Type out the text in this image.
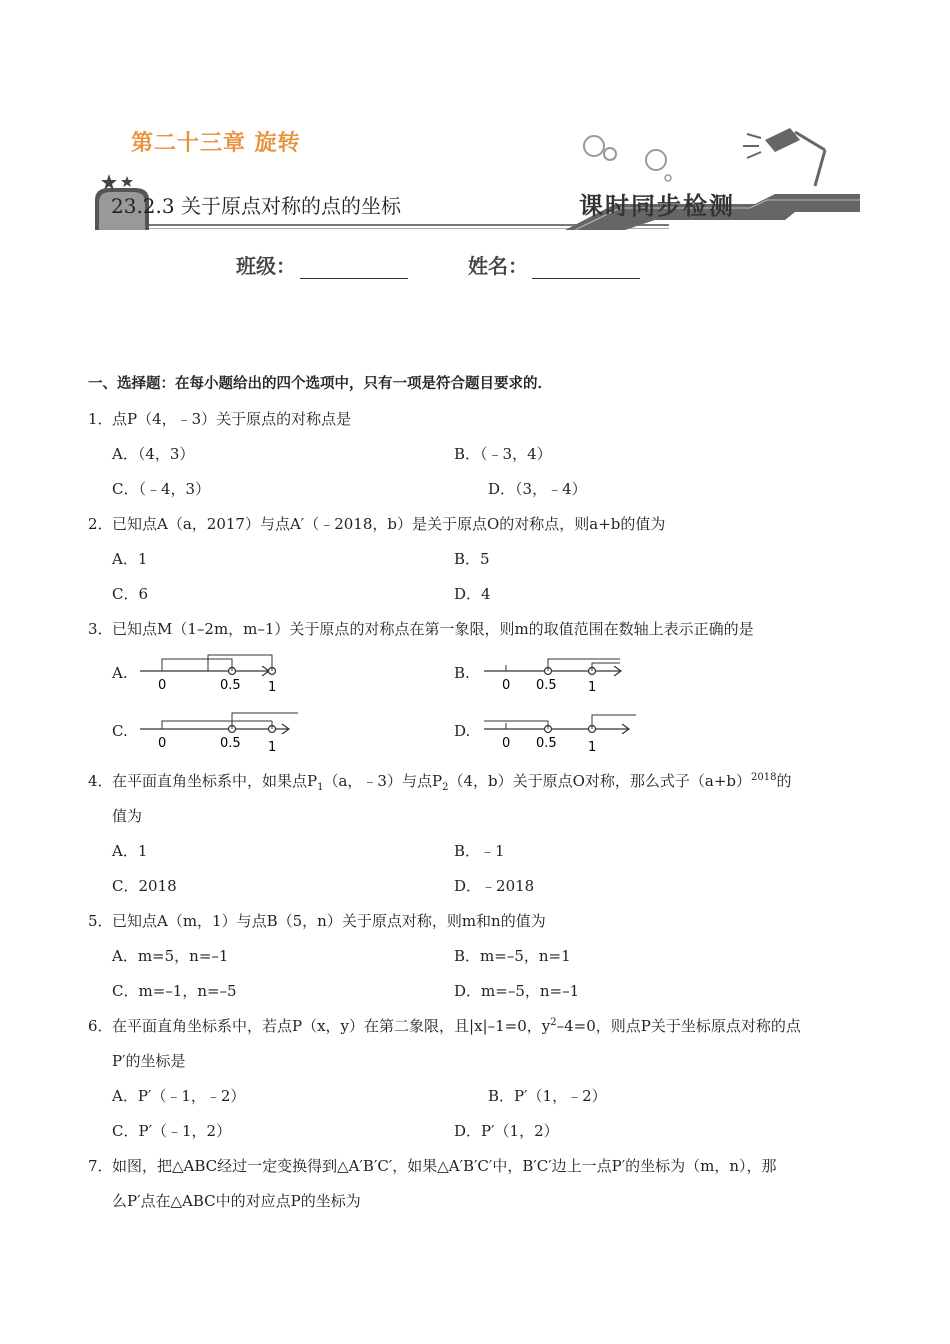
第二十三章 旋转
23.2.3 关于原点对称的点的坐标	课时同步检测
班级：	姓名：
一、选择题：在每小题给出的四个选项中，只有一项是符合题目要求的．
1．点P（4，﹣3）关于原点的对称点是
A．（4，3）	B．（﹣3，4）
C．（﹣4，3）	D．（3，﹣4）
2．已知点A（a，2017）与点A′（﹣2018，b）是关于原点O的对称点，则a+b的值为
A．1	B．5
C．6	D．4
3．已知点M（1–2m，m–1）关于原点的对称点在第一象限，则m的取值范围在数轴上表示正确的是
A.
0	0.5 1
B.
0 0.5 1
C.
0	0.5 1
D.
0 0.5 1
4．在平面直角坐标系中，如果点$P_1(a$，﹣3）与点$P_2(4$，b）关于原点O对称，那么式子$(a+b)^{2018}$的
值为
A．1	B．﹣1
C．2018	D．﹣2018
5．已知点A（m，1）与点B（5，n）关于原点对称，则m和n的值为
A．m=5，n=–1	B．m=–5，n=1
C．m=–1，n=–5	D．m=–5，n=–1
6．在平面直角坐标系中，若点P（x，y）在第二象限，且|x|–1=0，$y^2-4=0$，则点P关于坐标原点对称的点
P′的坐标是
A．P′（﹣1，﹣2）	B．P′（1，﹣2）
C．P′（﹣1，2）	D．P′（1，2）
7．如图，把△ABC经过一定变换得到△A′B′C′，如果△A′B′C′中，B′C′边上一点P′的坐标为（m，n），那
么P′点在△ABC中的对应点P的坐标为
